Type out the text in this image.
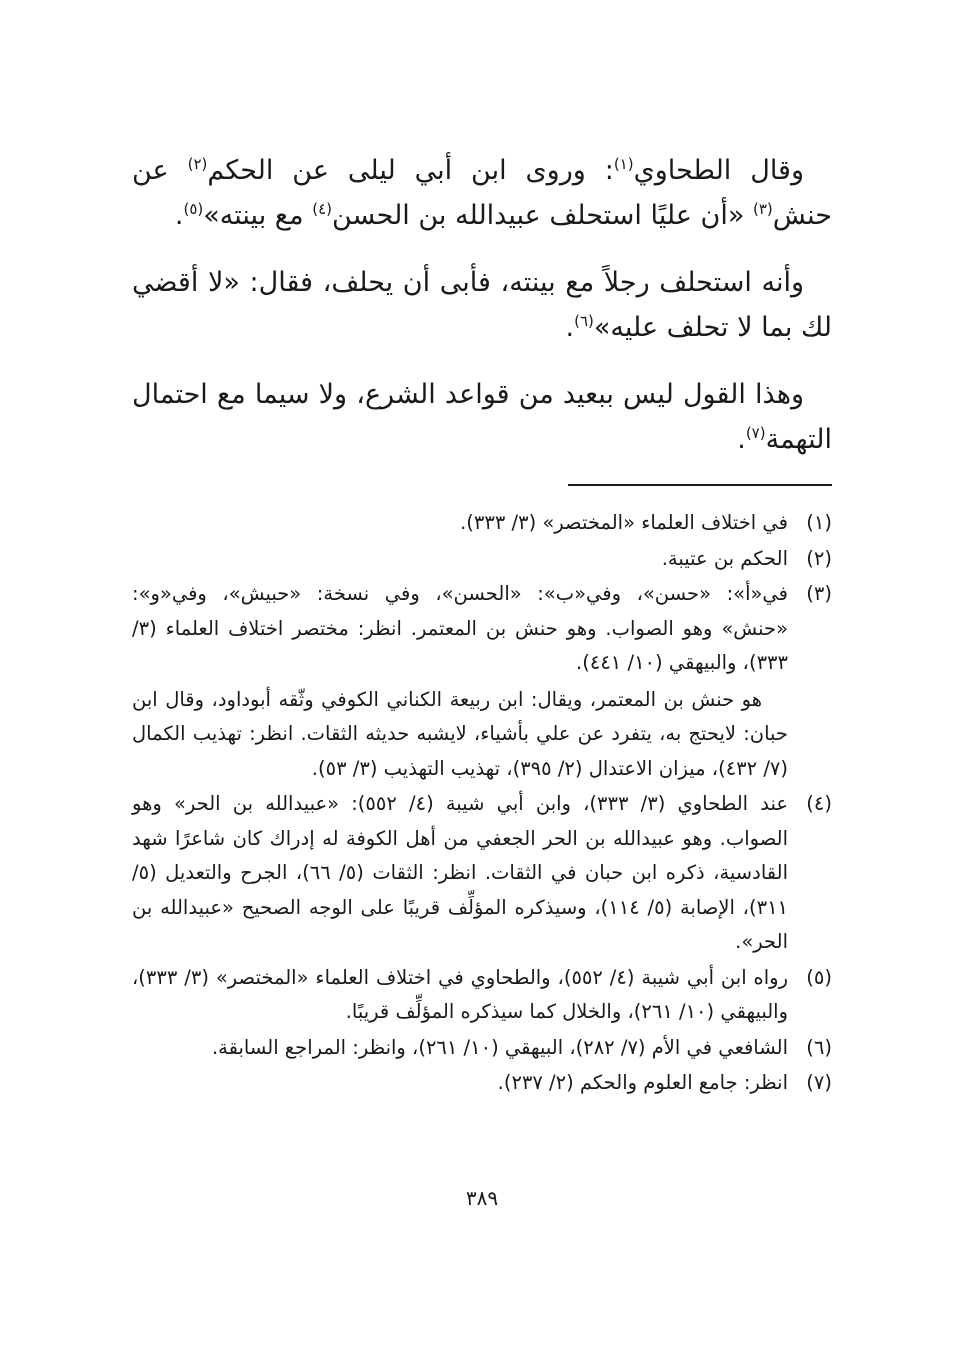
وقال الطحاوي$^{(١)}$: وروى ابن أبي ليلى عن الحكم$^{(٢)}$ عن حنش$^{(٣)}$ «أن عليًا استحلف عبيدالله بن الحسن$^{(٤)}$ مع بينته»$^{(٥)}$.

وأنه استحلف رجلاً مع بينته، فأبى أن يحلف، فقال: «لا أقضي لك بما لا تحلف عليه»$^{(٦)}$.

وهذا القول ليس ببعيد من قواعد الشرع، ولا سيما مع احتمال التهمة$^{(٧)}$.

(١)
في اختلاف العلماء «المختصر» (٣/ ٣٣٣).
(٢)
الحكم بن عتيبة.
(٣)
في«أ»: «حسن»، وفي«ب»: «الحسن»، وفي نسخة: «حبيش»، وفي«و»: «حنش» وهو الصواب. وهو حنش بن المعتمر. انظر: مختصر اختلاف العلماء (٣/ ٣٣٣)، والبيهقي (١٠/ ٤٤١).
هو حنش بن المعتمر، ويقال: ابن ربيعة الكناني الكوفي وثّقه أبوداود، وقال ابن حبان: لايحتج به، يتفرد عن علي بأشياء، لايشبه حديثه الثقات. انظر: تهذيب الكمال (٧/ ٤٣٢)، ميزان الاعتدال (٢/ ٣٩٥)، تهذيب التهذيب (٣/ ٥٣).
(٤)
عند الطحاوي (٣/ ٣٣٣)، وابن أبي شيبة (٤/ ٥٥٢): «عبيدالله بن الحر» وهو الصواب. وهو عبيدالله بن الحر الجعفي من أهل الكوفة له إدراك كان شاعرًا شهد القادسية، ذكره ابن حبان في الثقات. انظر: الثقات (٥/ ٦٦)، الجرح والتعديل (٥/ ٣١١)، الإصابة (٥/ ١١٤)، وسيذكره المؤلِّف قريبًا على الوجه الصحيح «عبيدالله بن الحر».
(٥)
رواه ابن أبي شيبة (٤/ ٥٥٢)، والطحاوي في اختلاف العلماء «المختصر» (٣/ ٣٣٣)، والبيهقي (١٠/ ٢٦١)، والخلال كما سيذكره المؤلِّف قريبًا.
(٦)
الشافعي في الأم (٧/ ٢٨٢)، البيهقي (١٠/ ٢٦١)، وانظر: المراجع السابقة.
(٧)
انظر: جامع العلوم والحكم (٢/ ٢٣٧).
٣٨٩
